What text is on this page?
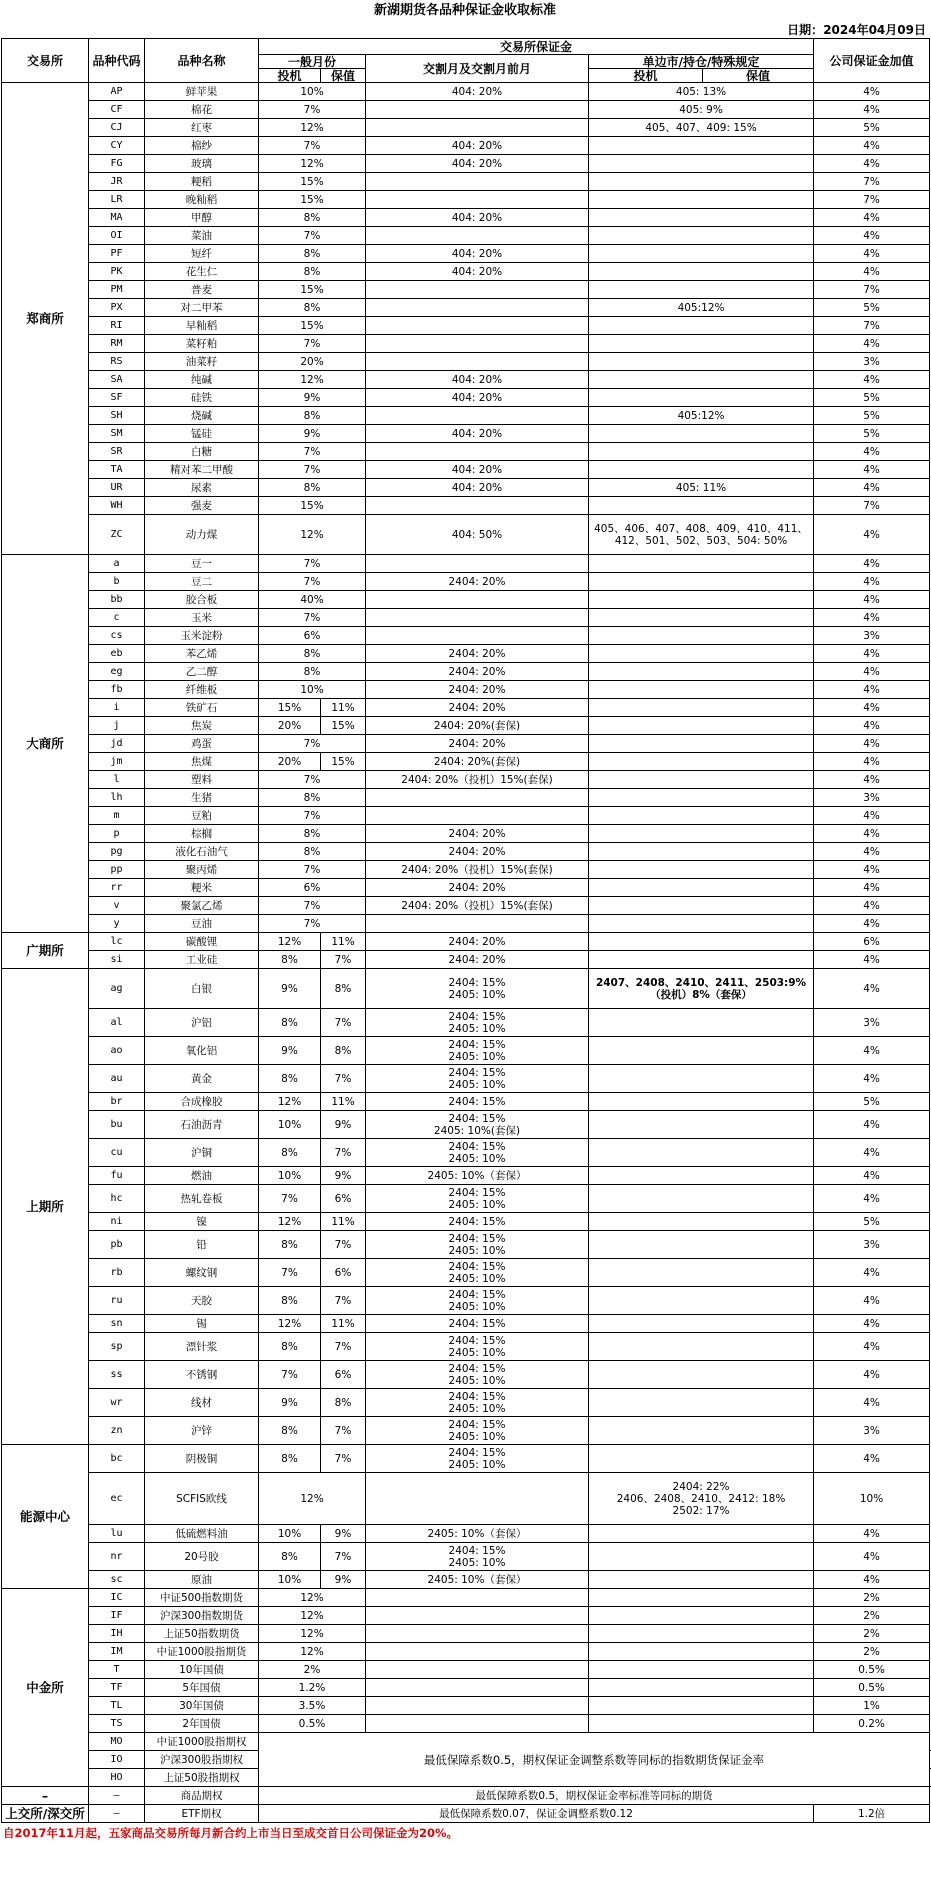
新湖期货各品种保证金收取标准
日期：2024年04月09日
交易所	品种代码	品种名称	交易所保证金					公司保证金加值	
			一般月份		交割月及交割月前月	单边市/持仓/特殊规定			
			投机	保值		投机	保值		
郑商所	AP	鲜苹果	10%		404: 20%	405: 13%		4%	
	CF	棉花	7%			405: 9%		4%	
	CJ	红枣	12%			405、407、409: 15%		5%	
	CY	棉纱	7%		404: 20%			4%	
	FG	玻璃	12%		404: 20%			4%	
	JR	粳稻	15%					7%	
	LR	晚籼稻	15%					7%	
	MA	甲醇	8%		404: 20%			4%	
	OI	菜油	7%					4%	
	PF	短纤	8%		404: 20%			4%	
	PK	花生仁	8%		404: 20%			4%	
	PM	普麦	15%					7%	
	PX	对二甲苯	8%			405:12%		5%	
	RI	早籼稻	15%					7%	
	RM	菜籽粕	7%					4%	
	RS	油菜籽	20%					3%	
	SA	纯碱	12%		404: 20%			4%	
	SF	硅铁	9%		404: 20%			5%	
	SH	烧碱	8%			405:12%		5%	
	SM	锰硅	9%		404: 20%			5%	
	SR	白糖	7%					4%	
	TA	精对苯二甲酸	7%		404: 20%			4%	
	UR	尿素	8%		404: 20%	405: 11%		4%	
	WH	强麦	15%					7%	
	ZC	动力煤	12%		404: 50%	405、406、407、408、409、410、411、412、501、502、503、504: 50%		4%	
大商所	a	豆一	7%					4%	
	b	豆二	7%		2404: 20%			4%	
	bb	胶合板	40%					4%	
	c	玉米	7%					4%	
	cs	玉米淀粉	6%					3%	
	eb	苯乙烯	8%		2404: 20%			4%	
	eg	乙二醇	8%		2404: 20%			4%	
	fb	纤维板	10%		2404: 20%			4%	
	i	铁矿石	15%	11%	2404: 20%			4%	
	j	焦炭	20%	15%	2404: 20%(套保)			4%	
	jd	鸡蛋	7%		2404: 20%			4%	
	jm	焦煤	20%	15%	2404: 20%(套保)			4%	
	l	塑料	7%		2404: 20%（投机）15%(套保)			4%	
	lh	生猪	8%					3%	
	m	豆粕	7%					4%	
	p	棕榈	8%		2404: 20%			4%	
	pg	液化石油气	8%		2404: 20%			4%	
	pp	聚丙烯	7%		2404: 20%（投机）15%(套保)			4%	
	rr	粳米	6%		2404: 20%			4%	
	v	聚氯乙烯	7%		2404: 20%（投机）15%(套保)			4%	
	y	豆油	7%					4%	
广期所	lc	碳酸锂	12%	11%	2404: 20%			6%	
	si	工业硅	8%	7%	2404: 20%			4%	
上期所	ag	白银	9%	8%	2404: 15%
2405: 10%	2407、2408、2410、2411、2503:9%（投机）8%（套保）		4%	
	al	沪铝	8%	7%	2404: 15%
2405: 10%			3%	
	ao	氧化铝	9%	8%	2404: 15%
2405: 10%			4%	
	au	黄金	8%	7%	2404: 15%
2405: 10%			4%	
	br	合成橡胶	12%	11%	2404: 15%			5%	
	bu	石油沥青	10%	9%	2404: 15%
2405: 10%(套保)			4%	
	cu	沪铜	8%	7%	2404: 15%
2405: 10%			4%	
	fu	燃油	10%	9%	2405: 10%（套保）			4%	
	hc	热轧卷板	7%	6%	2404: 15%
2405: 10%			4%	
	ni	镍	12%	11%	2404: 15%			5%	
	pb	铅	8%	7%	2404: 15%
2405: 10%			3%	
	rb	螺纹钢	7%	6%	2404: 15%
2405: 10%			4%	
	ru	天胶	8%	7%	2404: 15%
2405: 10%			4%	
	sn	锡	12%	11%	2404: 15%			4%	
	sp	漂针浆	8%	7%	2404: 15%
2405: 10%			4%	
	ss	不锈钢	7%	6%	2404: 15%
2405: 10%			4%	
	wr	线材	9%	8%	2404: 15%
2405: 10%			4%	
	zn	沪锌	8%	7%	2404: 15%
2405: 10%			3%	
能源中心	bc	阴极铜	8%	7%	2404: 15%
2405: 10%			4%	
	ec	SCFIS欧线	12%			2404: 22%
2406、2408、2410、2412: 18%
2502: 17%		10%	
	lu	低硫燃料油	10%	9%	2405: 10%（套保）			4%	
	nr	20号胶	8%	7%	2404: 15%
2405: 10%			4%	
	sc	原油	10%	9%	2405: 10%（套保）			4%	
中金所	IC	中证500指数期货	12%					2%	
	IF	沪深300指数期货	12%					2%	
	IH	上证50指数期货	12%					2%	
	IM	中证1000股指期货	12%					2%	
	T	10年国债	2%					0.5%	
	TF	5年国债	1.2%					0.5%	
	TL	30年国债	3.5%					1%	
	TS	2年国债	0.5%					0.2%	
	MO	中证1000股指期权	最低保障系数0.5，期权保证金调整系数等同标的指数期货保证金率						
	IO	沪深300股指期权							
	HO	上证50股指期权							
–	–	商品期权	最低保障系数0.5，期权保证金率标准等同标的期货						
上交所/深交所	–	ETF期权	最低保障系数0.07，保证金调整系数0.12					1.2倍	
自2017年11月起，五家商品交易所每月新合约上市当日至成交首日公司保证金为20%。
